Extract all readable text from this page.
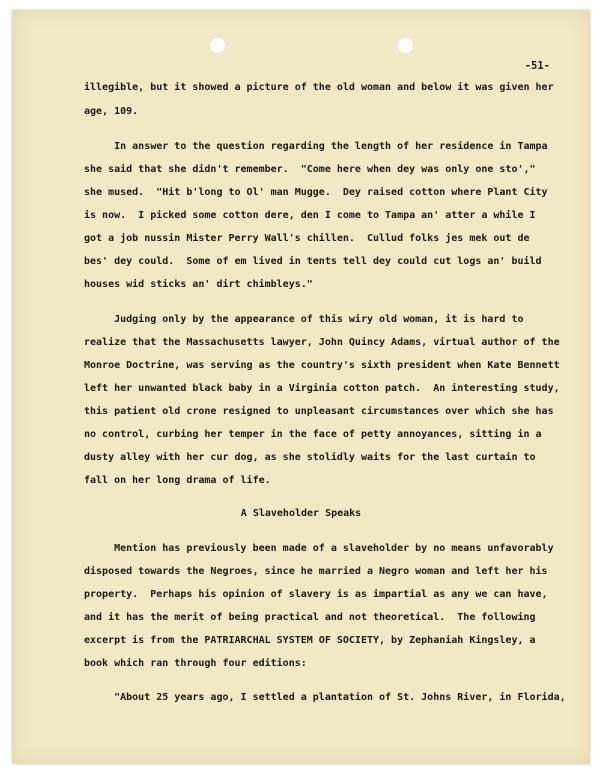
-51-
illegible, but it showed a picture of the old woman and below it was given her
age, 109.
In answer to the question regarding the length of her residence in Tampa
she said that she didn't remember.  "Come here when dey was only one sto',"
she mused.  "Hit b'long to Ol' man Mugge.  Dey raised cotton where Plant City
is now.  I picked some cotton dere, den I come to Tampa an' atter a while I
got a job nussin Mister Perry Wall's chillen.  Cullud folks jes mek out de
bes' dey could.  Some of em lived in tents tell dey could cut logs an' build
houses wid sticks an' dirt chimbleys."
Judging only by the appearance of this wiry old woman, it is hard to
realize that the Massachusetts lawyer, John Quincy Adams, virtual author of the
Monroe Doctrine, was serving as the country's sixth president when Kate Bennett
left her unwanted black baby in a Virginia cotton patch.  An interesting study,
this patient old crone resigned to unpleasant circumstances over which she has
no control, curbing her temper in the face of petty annoyances, sitting in a
dusty alley with her cur dog, as she stolidly waits for the last curtain to
fall on her long drama of life.
A Slaveholder Speaks
Mention has previously been made of a slaveholder by no means unfavorably
disposed towards the Negroes, since he married a Negro woman and left her his
property.  Perhaps his opinion of slavery is as impartial as any we can have,
and it has the merit of being practical and not theoretical.  The following
excerpt is from the PATRIARCHAL SYSTEM OF SOCIETY, by Zephaniah Kingsley, a
book which ran through four editions:
"About 25 years ago, I settled a plantation of St. Johns River, in Florida,
